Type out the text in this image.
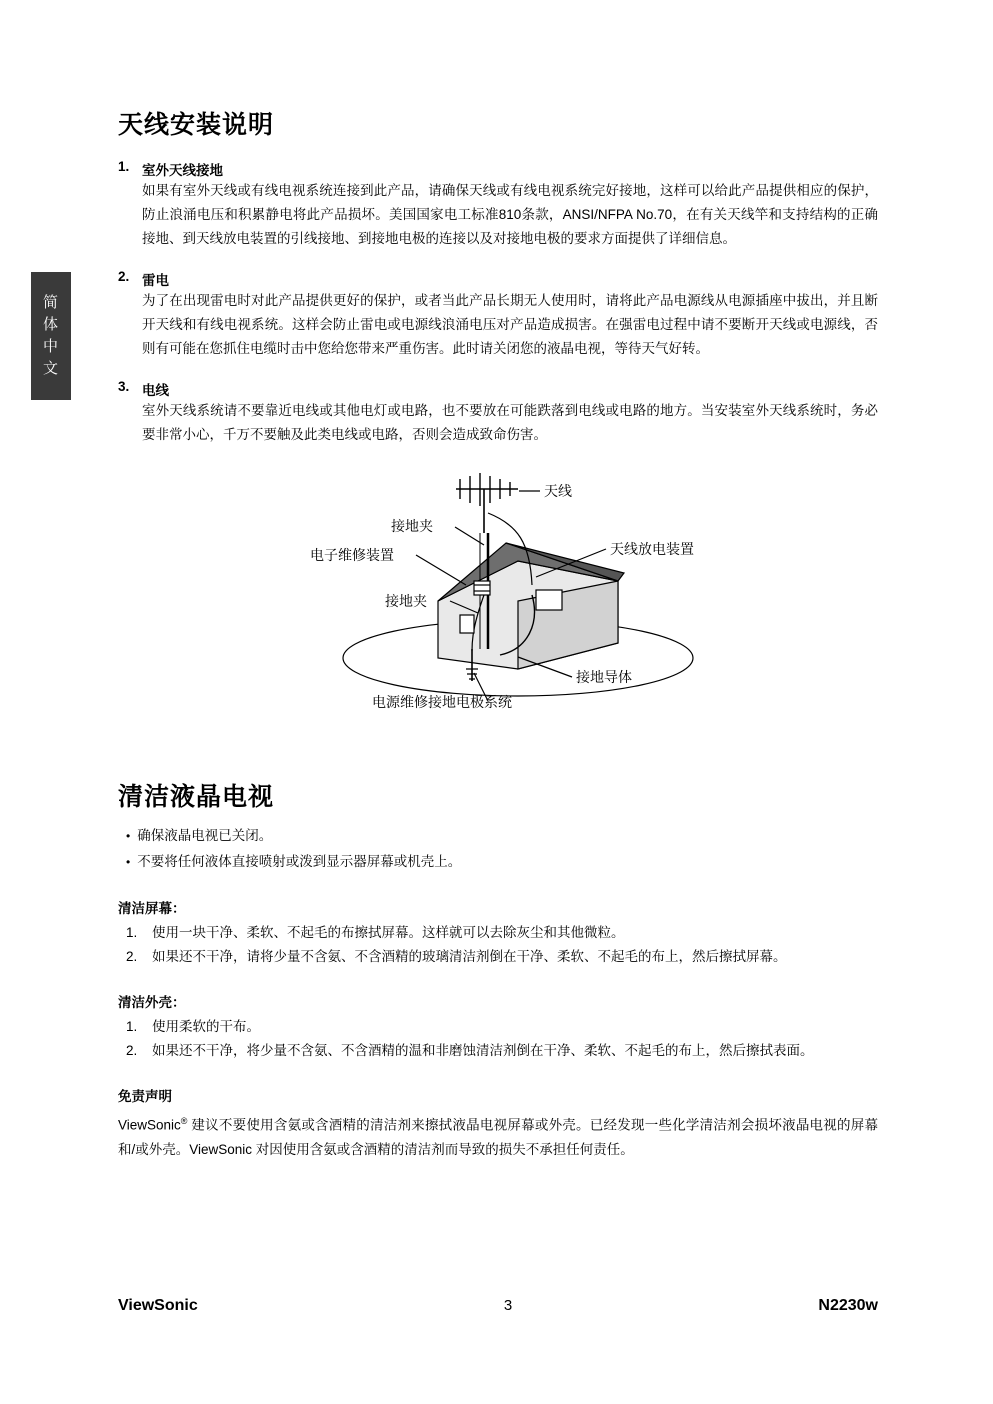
简
体
中
文
天线安装说明
1. 室外天线接地
如果有室外天线或有线电视系统连接到此产品，请确保天线或有线电视系统完好接地，这样可以给此产品提供相应的保护，防止浪涌电压和积累静电将此产品损坏。美国国家电工标准810条款，ANSI/NFPA No.70，在有关天线竿和支持结构的正确接地、到天线放电装置的引线接地、到接地电极的连接以及对接地电极的要求方面提供了详细信息。
2. 雷电
为了在出现雷电时对此产品提供更好的保护，或者当此产品长期无人使用时，请将此产品电源线从电源插座中拔出，并且断开天线和有线电视系统。这样会防止雷电或电源线浪涌电压对产品造成损害。在强雷电过程中请不要断开天线或电源线，否则有可能在您抓住电缆时击中您给您带来严重伤害。此时请关闭您的液晶电视，等待天气好转。
3. 电线
室外天线系统请不要靠近电线或其他电灯或电路，也不要放在可能跌落到电线或电路的地方。当安装室外天线系统时，务必要非常小心，千万不要触及此类电线或电路，否则会造成致命伤害。
天线
接地夹
电子维修装置	天线放电装置
接地夹
接地导体
电源维修接地电极系统
清洁液晶电视
• 确保液晶电视已关闭。
• 不要将任何液体直接喷射或泼到显示器屏幕或机壳上。
清洁屏幕：
1.	使用一块干净、柔软、不起毛的布擦拭屏幕。这样就可以去除灰尘和其他微粒。
2.	如果还不干净，请将少量不含氨、不含酒精的玻璃清洁剂倒在干净、柔软、不起毛的布上，然后擦拭屏幕。
清洁外壳：
1.	使用柔软的干布。
2.	如果还不干净，将少量不含氨、不含酒精的温和非磨蚀清洁剂倒在干净、柔软、不起毛的布上，然后擦拭表面。
免责声明
ViewSonic® 建议不要使用含氨或含酒精的清洁剂来擦拭液晶电视屏幕或外壳。已经发现一些化学清洁剂会损坏液晶电视的屏幕和/或外壳。ViewSonic 对因使用含氨或含酒精的清洁剂而导致的损失不承担任何责任。
ViewSonic	3	N2230w
